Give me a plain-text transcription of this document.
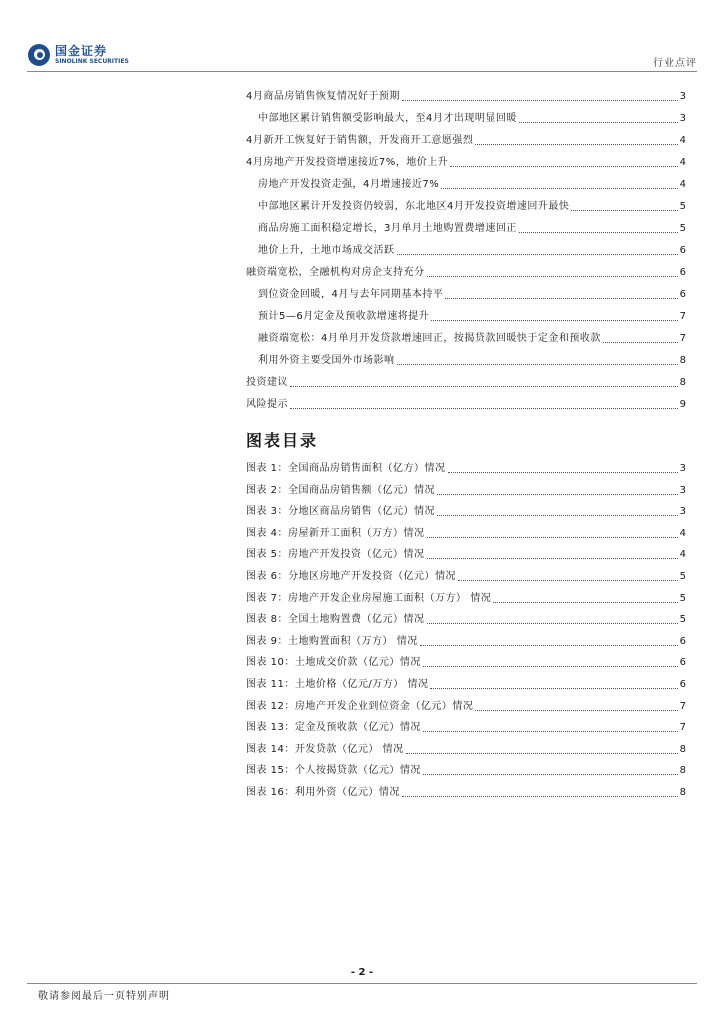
国金证券
SINOLINK SECURITIES	行业点评
4月商品房销售恢复情况好于预期	3
中部地区累计销售额受影响最大，至4月才出现明显回暖	3
4月新开工恢复好于销售额，开发商开工意愿强烈	4
4月房地产开发投资增速接近7%，地价上升	4
房地产开发投资走强，4月增速接近7%	4
中部地区累计开发投资仍较弱，东北地区4月开发投资增速回升最快	5
商品房施工面积稳定增长，3月单月土地购置费增速回正	5
地价上升，土地市场成交活跃	6
融资端宽松，全融机构对房企支持充分	6
到位资金回暖，4月与去年同期基本持平	6
预计5—6月定金及预收款增速将提升	7
融资端宽松：4月单月开发贷款增速回正，按揭贷款回暖快于定金和预收款	7
利用外资主要受国外市场影响	8
投资建议	8
风险提示	9
图表目录
图表 1：全国商品房销售面积（亿方）情况	3
图表 2：全国商品房销售额（亿元）情况	3
图表 3：分地区商品房销售（亿元）情况	3
图表 4：房屋新开工面积（万方）情况	4
图表 5：房地产开发投资（亿元）情况	4
图表 6：分地区房地产开发投资（亿元）情况	5
图表 7：房地产开发企业房屋施工面积（万方） 情况	5
图表 8：全国土地购置费（亿元）情况	5
图表 9：土地购置面积（万方） 情况	6
图表 10：土地成交价款（亿元）情况	6
图表 11：土地价格（亿元/万方） 情况	6
图表 12：房地产开发企业到位资金（亿元）情况	7
图表 13：定金及预收款（亿元）情况	7
图表 14：开发贷款（亿元） 情况	8
图表 15：个人按揭贷款（亿元）情况	8
图表 16：利用外资（亿元）情况	8
- 2 -
敬请参阅最后一页特别声明
